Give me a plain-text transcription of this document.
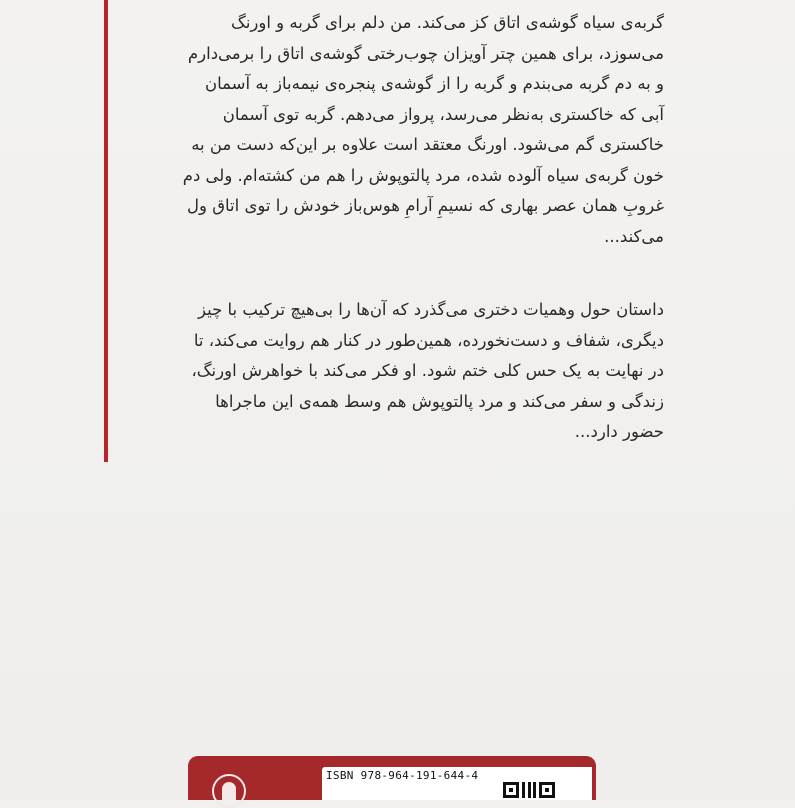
گربه‌ی سیاه گوشه‌ی اتاق کز می‌کند. من دلم برای گربه و اورنگ
می‌سوزد، برای همین چتر آویزان چوب‌رختی گوشه‌ی اتاق را برمی‌دارم
و به دم گربه می‌بندم و گربه را از گوشه‌ی پنجره‌ی نیمه‌باز به آسمان
آبی که خاکستری به‌نظر می‌رسد، پرواز می‌دهم. گربه توی آسمان
خاکستری گم می‌شود. اورنگ معتقد است علاوه بر این‌که دست من به
خون گربه‌ی سیاه آلوده شده، مرد پالتوپوش را هم من کشته‌ام. ولی دم
غروبِ همان عصر بهاری که نسیمِ آرامِ هوس‌باز خودش را توی اتاق ول
می‌کند...
داستان حول وهمیات دختری می‌گذرد که آن‌ها را بی‌هیچ ترکیب با چیز
دیگری، شفاف و دست‌نخورده، همین‌طور در کنار هم روایت می‌کند، تا
در نهایت به یک حس کلی ختم شود. او فکر می‌کند با خواهرش اورنگ،
زندگی و سفر می‌کند و مرد پالتوپوش هم وسط همه‌ی این ماجراها
حضور دارد...
ISBN 978-964-191-644-4
